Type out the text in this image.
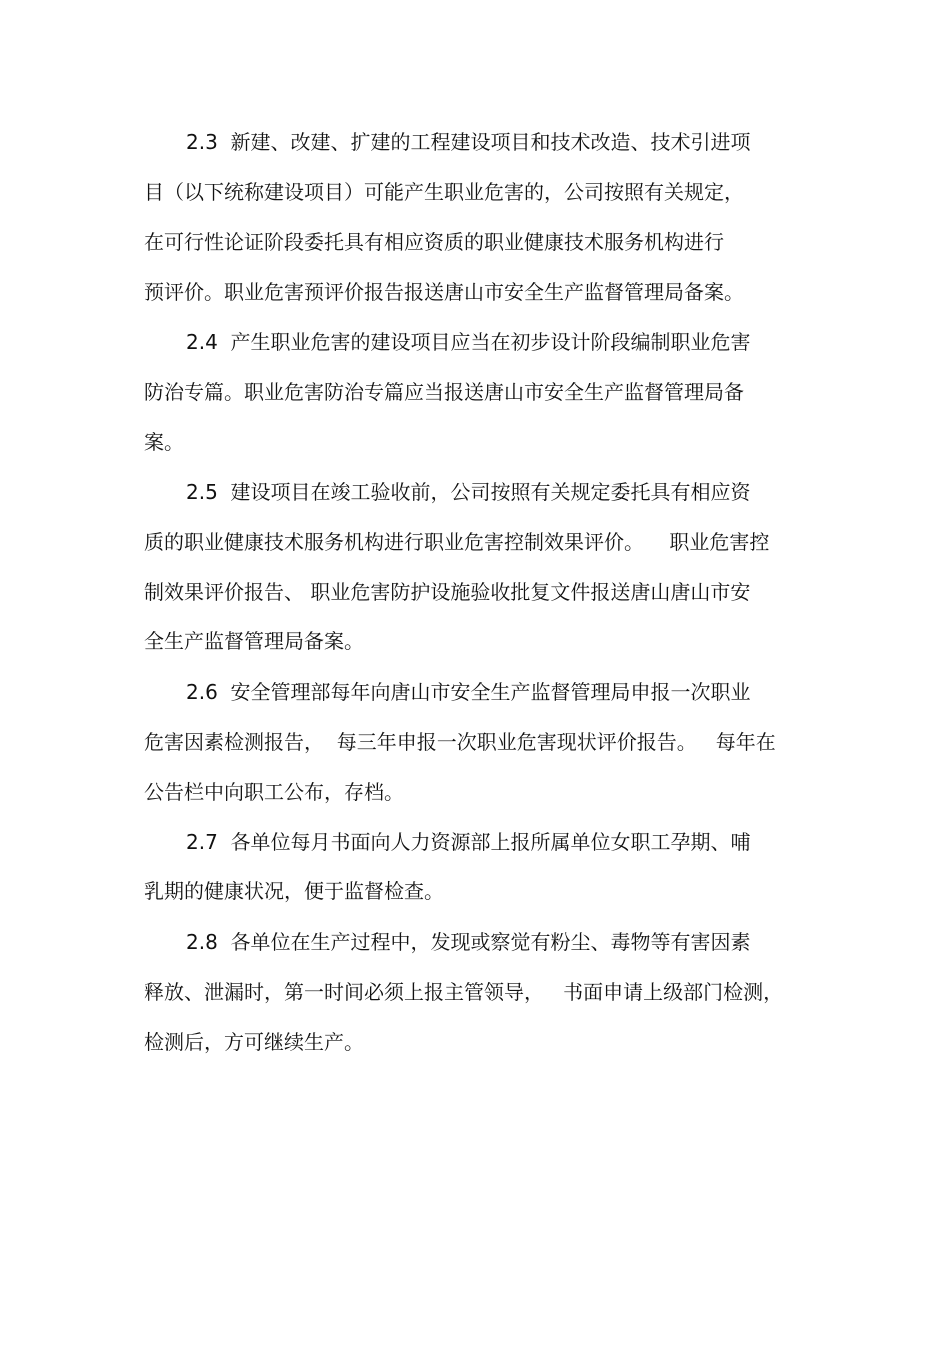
2.3  新建、改建、扩建的工程建设项目和技术改造、技术引进项
目（以下统称建设项目）可能产生职业危害的，公司按照有关规定，
在可行性论证阶段委托具有相应资质的职业健康技术服务机构进行
预评价。职业危害预评价报告报送唐山市安全生产监督管理局备案。
2.4  产生职业危害的建设项目应当在初步设计阶段编制职业危害
防治专篇。职业危害防治专篇应当报送唐山市安全生产监督管理局备
案。
2.5  建设项目在竣工验收前，公司按照有关规定委托具有相应资
质的职业健康技术服务机构进行职业危害控制效果评价。    职业危害控
制效果评价报告、 职业危害防护设施验收批复文件报送唐山唐山市安
全生产监督管理局备案。
2.6  安全管理部每年向唐山市安全生产监督管理局申报一次职业
危害因素检测报告，  每三年申报一次职业危害现状评价报告。   每年在
公告栏中向职工公布，存档。
2.7  各单位每月书面向人力资源部上报所属单位女职工孕期、哺
乳期的健康状况，便于监督检查。
2.8  各单位在生产过程中，发现或察觉有粉尘、毒物等有害因素
释放、泄漏时，第一时间必须上报主管领导，   书面申请上级部门检测，
检测后，方可继续生产。
